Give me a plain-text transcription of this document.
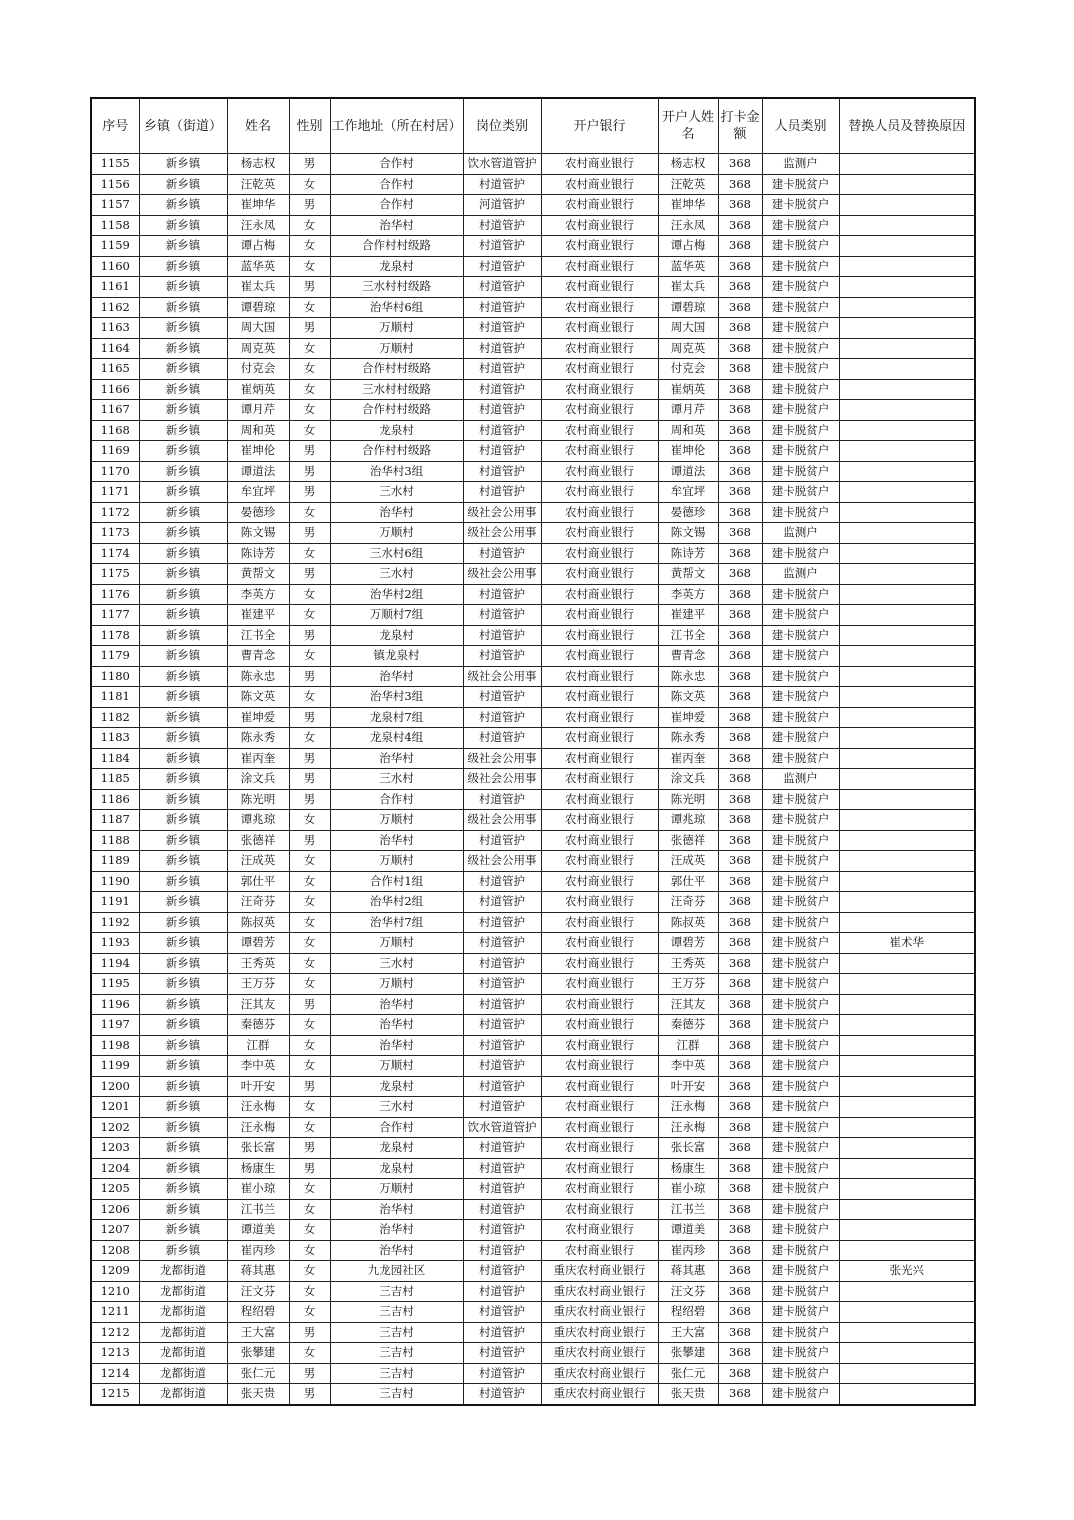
序号	乡镇（街道）	姓名	性别	工作地址（所在村居）	岗位类别	开户银行	开户人姓名	打卡金额	人员类别	替换人员及替换原因
1155	新乡镇	杨志权	男	合作村	饮水管道管护	农村商业银行	杨志权	368	监测户	
1156	新乡镇	汪乾英	女	合作村	村道管护	农村商业银行	汪乾英	368	建卡脱贫户	
1157	新乡镇	崔坤华	男	合作村	河道管护	农村商业银行	崔坤华	368	建卡脱贫户	
1158	新乡镇	汪永凤	女	治华村	村道管护	农村商业银行	汪永凤	368	建卡脱贫户	
1159	新乡镇	谭占梅	女	合作村村级路	村道管护	农村商业银行	谭占梅	368	建卡脱贫户	
1160	新乡镇	蓝华英	女	龙泉村	村道管护	农村商业银行	蓝华英	368	建卡脱贫户	
1161	新乡镇	崔太兵	男	三水村村级路	村道管护	农村商业银行	崔太兵	368	建卡脱贫户	
1162	新乡镇	谭碧琼	女	治华村6组	村道管护	农村商业银行	谭碧琼	368	建卡脱贫户	
1163	新乡镇	周大国	男	万顺村	村道管护	农村商业银行	周大国	368	建卡脱贫户	
1164	新乡镇	周克英	女	万顺村	村道管护	农村商业银行	周克英	368	建卡脱贫户	
1165	新乡镇	付克会	女	合作村村级路	村道管护	农村商业银行	付克会	368	建卡脱贫户	
1166	新乡镇	崔炳英	女	三水村村级路	村道管护	农村商业银行	崔炳英	368	建卡脱贫户	
1167	新乡镇	谭月芹	女	合作村村级路	村道管护	农村商业银行	谭月芹	368	建卡脱贫户	
1168	新乡镇	周和英	女	龙泉村	村道管护	农村商业银行	周和英	368	建卡脱贫户	
1169	新乡镇	崔坤伦	男	合作村村级路	村道管护	农村商业银行	崔坤伦	368	建卡脱贫户	
1170	新乡镇	谭道法	男	治华村3组	村道管护	农村商业银行	谭道法	368	建卡脱贫户	
1171	新乡镇	牟宜坪	男	三水村	村道管护	农村商业银行	牟宜坪	368	建卡脱贫户	
1172	新乡镇	晏德珍	女	治华村	级社会公用事	农村商业银行	晏德珍	368	建卡脱贫户	
1173	新乡镇	陈文锡	男	万顺村	级社会公用事	农村商业银行	陈文锡	368	监测户	
1174	新乡镇	陈诗芳	女	三水村6组	村道管护	农村商业银行	陈诗芳	368	建卡脱贫户	
1175	新乡镇	黄帮文	男	三水村	级社会公用事	农村商业银行	黄帮文	368	监测户	
1176	新乡镇	李英方	女	治华村2组	村道管护	农村商业银行	李英方	368	建卡脱贫户	
1177	新乡镇	崔建平	女	万顺村7组	村道管护	农村商业银行	崔建平	368	建卡脱贫户	
1178	新乡镇	江书全	男	龙泉村	村道管护	农村商业银行	江书全	368	建卡脱贫户	
1179	新乡镇	曹青念	女	镇龙泉村	村道管护	农村商业银行	曹青念	368	建卡脱贫户	
1180	新乡镇	陈永忠	男	治华村	级社会公用事	农村商业银行	陈永忠	368	建卡脱贫户	
1181	新乡镇	陈文英	女	治华村3组	村道管护	农村商业银行	陈文英	368	建卡脱贫户	
1182	新乡镇	崔坤爱	男	龙泉村7组	村道管护	农村商业银行	崔坤爱	368	建卡脱贫户	
1183	新乡镇	陈永秀	女	龙泉村4组	村道管护	农村商业银行	陈永秀	368	建卡脱贫户	
1184	新乡镇	崔丙奎	男	治华村	级社会公用事	农村商业银行	崔丙奎	368	建卡脱贫户	
1185	新乡镇	涂文兵	男	三水村	级社会公用事	农村商业银行	涂文兵	368	监测户	
1186	新乡镇	陈光明	男	合作村	村道管护	农村商业银行	陈光明	368	建卡脱贫户	
1187	新乡镇	谭兆琼	女	万顺村	级社会公用事	农村商业银行	谭兆琼	368	建卡脱贫户	
1188	新乡镇	张德祥	男	治华村	村道管护	农村商业银行	张德祥	368	建卡脱贫户	
1189	新乡镇	汪成英	女	万顺村	级社会公用事	农村商业银行	汪成英	368	建卡脱贫户	
1190	新乡镇	郭仕平	女	合作村1组	村道管护	农村商业银行	郭仕平	368	建卡脱贫户	
1191	新乡镇	汪奇芬	女	治华村2组	村道管护	农村商业银行	汪奇芬	368	建卡脱贫户	
1192	新乡镇	陈叔英	女	治华村7组	村道管护	农村商业银行	陈叔英	368	建卡脱贫户	
1193	新乡镇	谭碧芳	女	万顺村	村道管护	农村商业银行	谭碧芳	368	建卡脱贫户	崔术华
1194	新乡镇	王秀英	女	三水村	村道管护	农村商业银行	王秀英	368	建卡脱贫户	
1195	新乡镇	王万芬	女	万顺村	村道管护	农村商业银行	王万芬	368	建卡脱贫户	
1196	新乡镇	汪其友	男	治华村	村道管护	农村商业银行	汪其友	368	建卡脱贫户	
1197	新乡镇	秦德芬	女	治华村	村道管护	农村商业银行	秦德芬	368	建卡脱贫户	
1198	新乡镇	江群	女	治华村	村道管护	农村商业银行	江群	368	建卡脱贫户	
1199	新乡镇	李中英	女	万顺村	村道管护	农村商业银行	李中英	368	建卡脱贫户	
1200	新乡镇	叶开安	男	龙泉村	村道管护	农村商业银行	叶开安	368	建卡脱贫户	
1201	新乡镇	汪永梅	女	三水村	村道管护	农村商业银行	汪永梅	368	建卡脱贫户	
1202	新乡镇	汪永梅	女	合作村	饮水管道管护	农村商业银行	汪永梅	368	建卡脱贫户	
1203	新乡镇	张长富	男	龙泉村	村道管护	农村商业银行	张长富	368	建卡脱贫户	
1204	新乡镇	杨康生	男	龙泉村	村道管护	农村商业银行	杨康生	368	建卡脱贫户	
1205	新乡镇	崔小琼	女	万顺村	村道管护	农村商业银行	崔小琼	368	建卡脱贫户	
1206	新乡镇	江书兰	女	治华村	村道管护	农村商业银行	江书兰	368	建卡脱贫户	
1207	新乡镇	谭道美	女	治华村	村道管护	农村商业银行	谭道美	368	建卡脱贫户	
1208	新乡镇	崔丙珍	女	治华村	村道管护	农村商业银行	崔丙珍	368	建卡脱贫户	
1209	龙都街道	蒋其惠	女	九龙园社区	村道管护	重庆农村商业银行	蒋其惠	368	建卡脱贫户	张光兴
1210	龙都街道	汪文芬	女	三吉村	村道管护	重庆农村商业银行	汪文芬	368	建卡脱贫户	
1211	龙都街道	程绍碧	女	三吉村	村道管护	重庆农村商业银行	程绍碧	368	建卡脱贫户	
1212	龙都街道	王大富	男	三吉村	村道管护	重庆农村商业银行	王大富	368	建卡脱贫户	
1213	龙都街道	张攀建	女	三吉村	村道管护	重庆农村商业银行	张攀建	368	建卡脱贫户	
1214	龙都街道	张仁元	男	三吉村	村道管护	重庆农村商业银行	张仁元	368	建卡脱贫户	
1215	龙都街道	张天贵	男	三吉村	村道管护	重庆农村商业银行	张天贵	368	建卡脱贫户	
